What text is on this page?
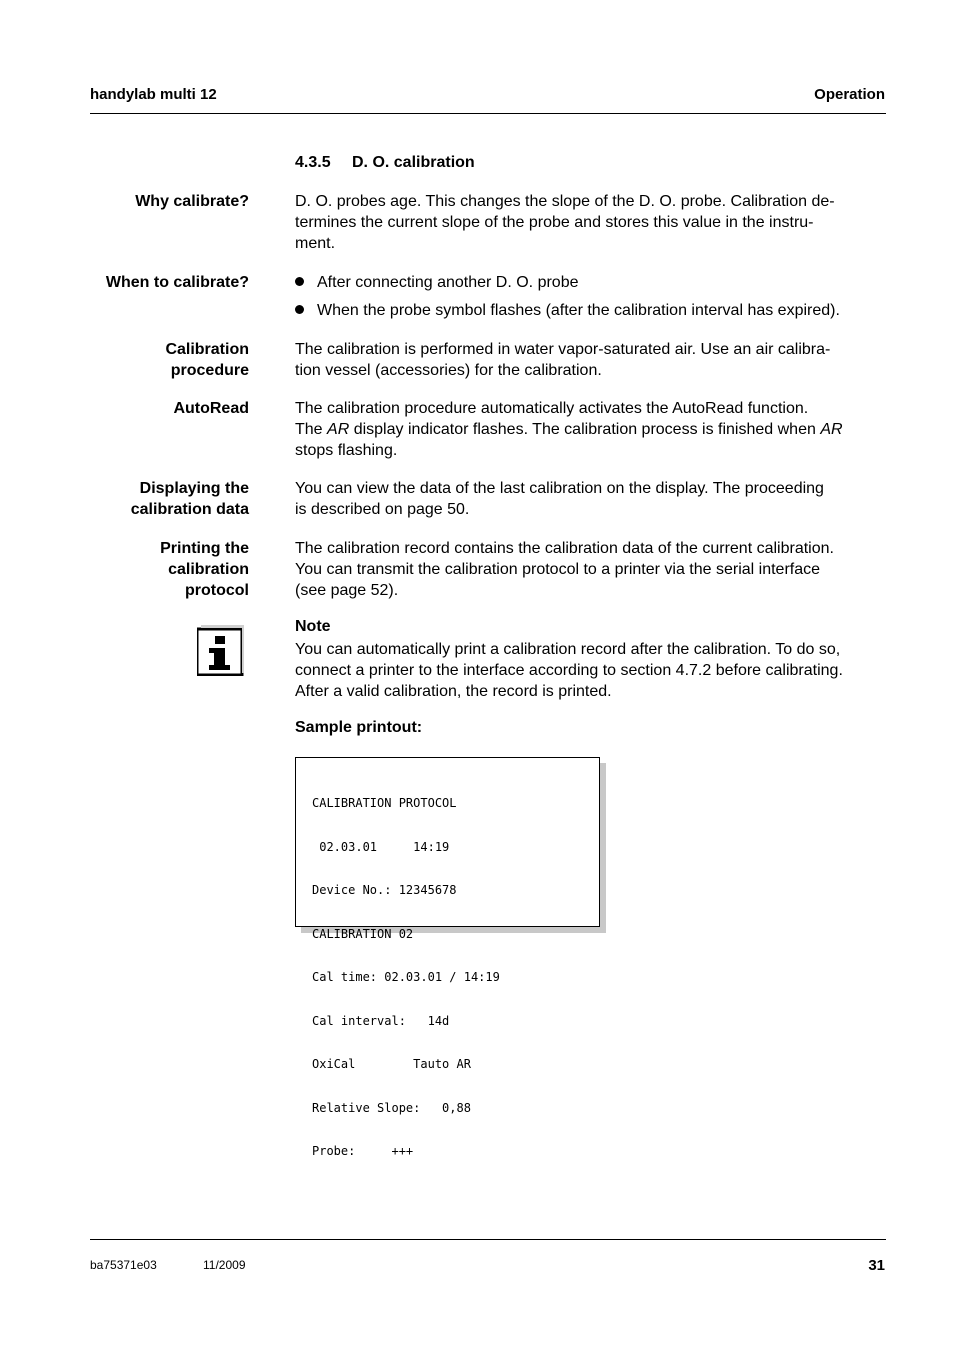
handylab multi 12	Operation
4.3.5 D. O. calibration
Why calibrate?	D. O. probes age. This changes the slope of the D. O. probe. Calibration de-
termines the current slope of the probe and stores this value in the instru-
ment.
When to calibrate?	After connecting another D. O. probe
When the probe symbol flashes (after the calibration interval has expired).
Calibration
procedure
The calibration is performed in water vapor-saturated air. Use an air calibra-
tion vessel (accessories) for the calibration.
AutoRead	The calibration procedure automatically activates the AutoRead function.
The AR display indicator flashes. The calibration process is finished when AR
stops flashing.
Displaying the
calibration data
You can view the data of the last calibration on the display. The proceeding
is described on page 50.
Printing the
calibration
protocol
The calibration record contains the calibration data of the current calibration.
You can transmit the calibration protocol to a printer via the serial interface
(see page 52).
Note
You can automatically print a calibration record after the calibration. To do so,
connect a printer to the interface according to section 4.7.2 before calibrating.
After a valid calibration, the record is printed.
Sample printout:

CALIBRATION PROTOCOL

02.03.01     14:19

Device No.: 12345678

CALIBRATION 02

Cal time: 02.03.01 / 14:19

Cal interval:   14d

OxiCal        Tauto AR

Relative Slope:   0,88

Probe:     +++

ba75371e03	11/2009	31
